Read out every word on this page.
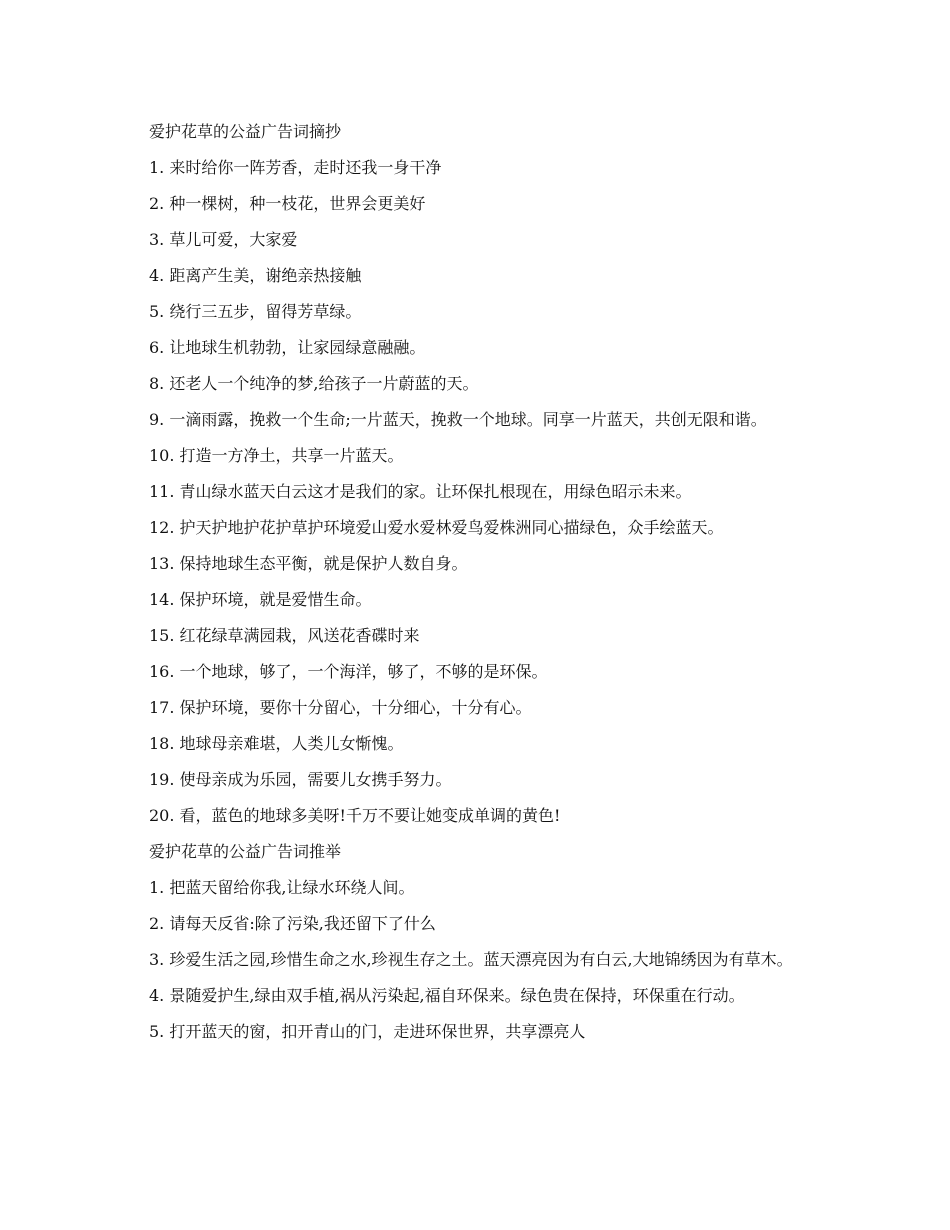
爱护花草的公益广告词摘抄

1. 来时给你一阵芳香，走时还我一身干净

2. 种一棵树，种一枝花，世界会更美好

3. 草儿可爱，大家爱

4. 距离产生美，谢绝亲热接触

5. 绕行三五步，留得芳草绿。

6. 让地球生机勃勃，让家园绿意融融。

8. 还老人一个纯净的梦,给孩子一片蔚蓝的天。

9. 一滴雨露，挽救一个生命;一片蓝天，挽救一个地球。同享一片蓝天，共创无限和谐。

10. 打造一方净土，共享一片蓝天。

11. 青山绿水蓝天白云这才是我们的家。让环保扎根现在，用绿色昭示未来。

12. 护天护地护花护草护环境爱山爱水爱林爱鸟爱株洲同心描绿色，众手绘蓝天。

13. 保持地球生态平衡，就是保护人数自身。

14. 保护环境，就是爱惜生命。

15. 红花绿草满园栽，风送花香碟时来

16. 一个地球，够了，一个海洋，够了，不够的是环保。

17. 保护环境，要你十分留心，十分细心，十分有心。

18. 地球母亲难堪，人类儿女惭愧。

19. 使母亲成为乐园，需要儿女携手努力。

20. 看，蓝色的地球多美呀!千万不要让她变成单调的黄色!

爱护花草的公益广告词推举

1. 把蓝天留给你我,让绿水环绕人间。

2. 请每天反省:除了污染,我还留下了什么

3. 珍爱生活之园,珍惜生命之水,珍视生存之土。蓝天漂亮因为有白云,大地锦绣因为有草木。

4. 景随爱护生,绿由双手植,祸从污染起,福自环保来。绿色贵在保持，环保重在行动。

5. 打开蓝天的窗，扣开青山的门，走进环保世界，共享漂亮人
